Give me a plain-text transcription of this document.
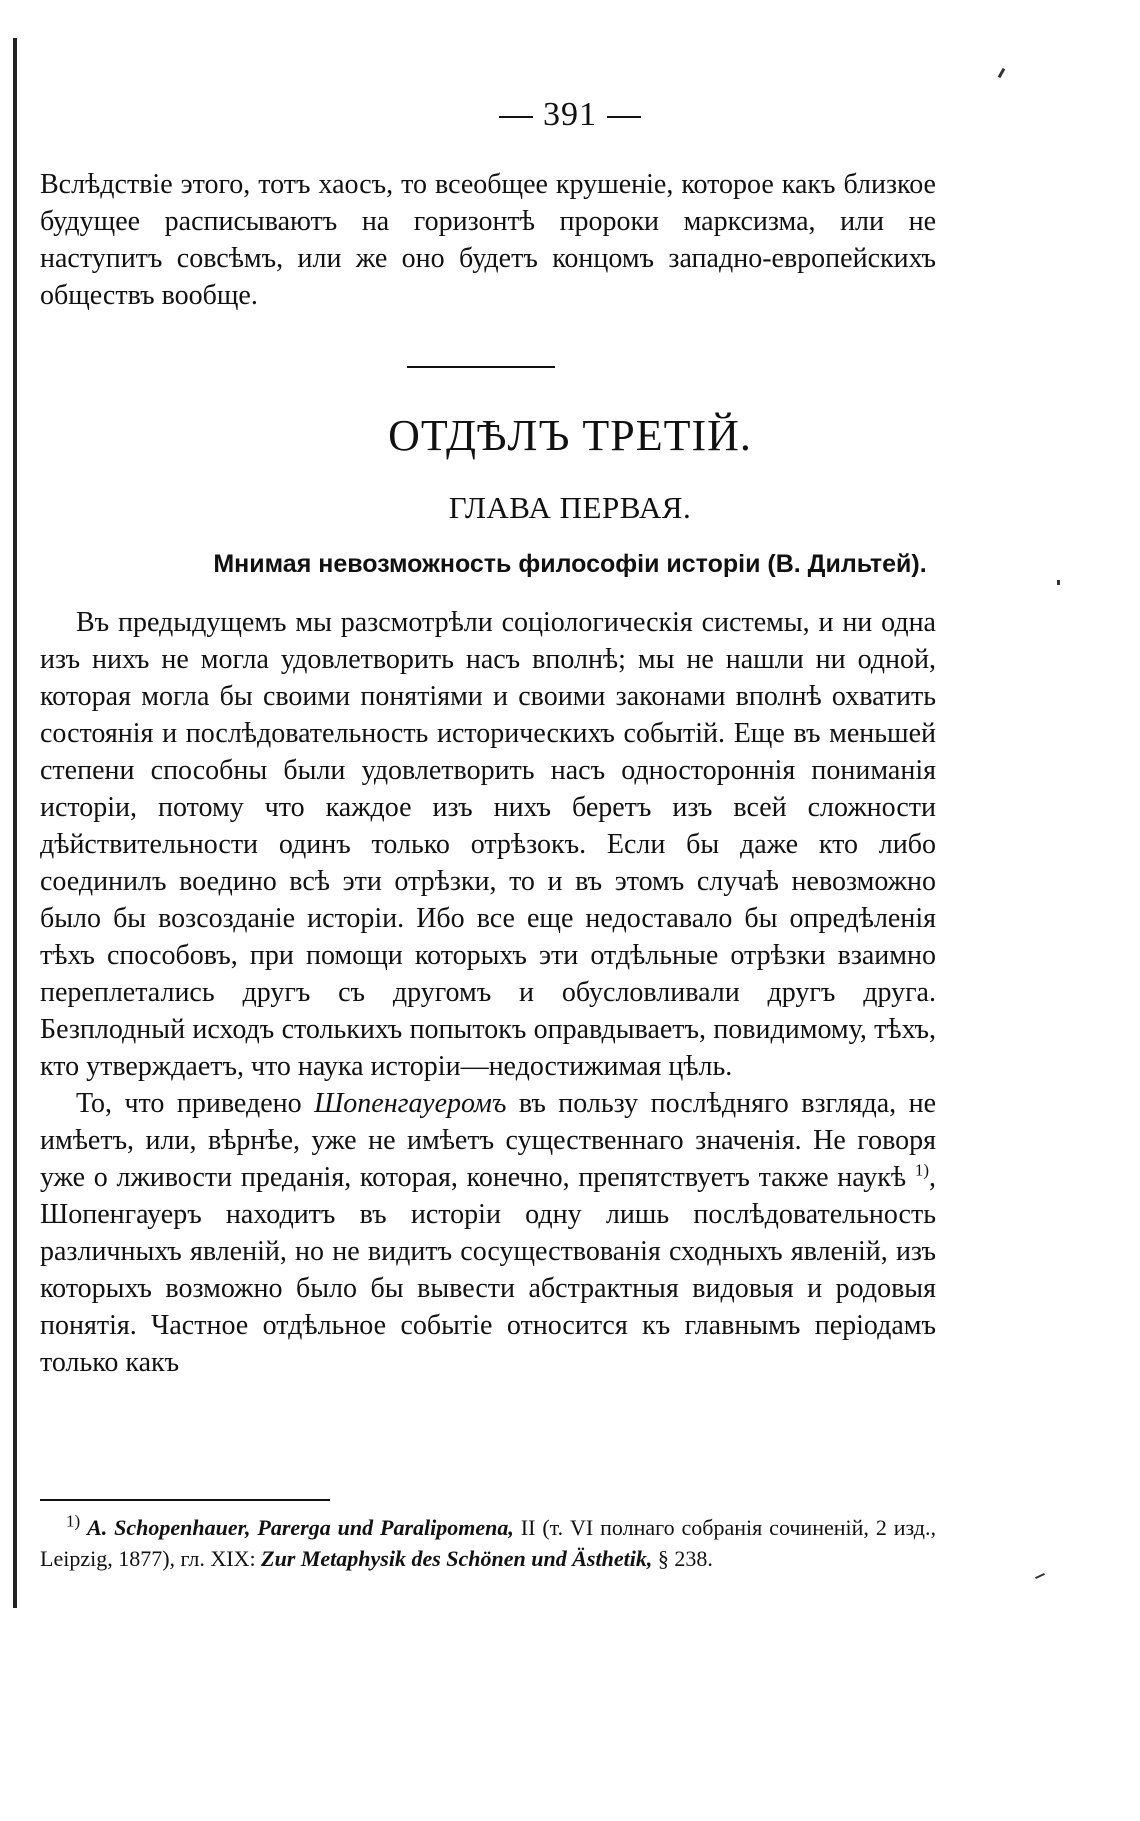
391

Вслѣдствіе этого, тотъ хаосъ, то всеобщее крушеніе, которое какъ близкое будущее расписываютъ на горизонтѣ пророки марксизма, или не наступитъ совсѣмъ, или же оно будетъ концомъ западно-европейскихъ обществъ вообще.

ОТДѢЛЪ ТРЕТІЙ.
ГЛАВА ПЕРВАЯ.
Мнимая невозможность философіи исторіи (В. Дильтей).

Въ предыдущемъ мы разсмотрѣли соціологическія системы, и ни одна изъ нихъ не могла удовлетворить насъ вполнѣ; мы не нашли ни одной, которая могла бы своими понятіями и своими законами вполнѣ охватить состоянія и послѣдовательность историческихъ событій. Еще въ меньшей степени способны были удовлетворить насъ одностороннія пониманія исторіи, потому что каждое изъ нихъ беретъ изъ всей сложности дѣйствительности одинъ только отрѣзокъ. Если бы даже кто либо соединилъ воедино всѣ эти отрѣзки, то и въ этомъ случаѣ невозможно было бы возсозданіе исторіи. Ибо все еще недоставало бы опредѣленія тѣхъ способовъ, при помощи которыхъ эти отдѣльные отрѣзки взаимно переплетались другъ съ другомъ и обусловливали другъ друга. Безплодный исходъ столькихъ попытокъ оправдываетъ, повидимому, тѣхъ, кто утверждаетъ, что наука исторіи—недостижимая цѣль.

То, что приведено Шопенгауеромъ въ пользу послѣдняго взгляда, не имѣетъ, или, вѣрнѣе, уже не имѣетъ существеннаго значенія. Не говоря уже о лживости преданія, которая, конечно, препятствуетъ также наукѣ $^{1)}$, Шопенгауеръ находитъ въ исторіи одну лишь послѣдовательность различныхъ явленій, но не видитъ сосуществованія сходныхъ явленій, изъ которыхъ возможно было бы вывести абстрактныя видовыя и родовыя понятія. Частное отдѣльное событіе относится къ главнымъ періодамъ только какъ

$^{1)}$ A. Schopenhauer, Parerga und Paralipomena, II (т. VI полнаго собранія сочиненій, 2 изд., Leipzig, 1877), гл. XIX: Zur Metaphysik des Schönen und Ästhetik, § 238.
